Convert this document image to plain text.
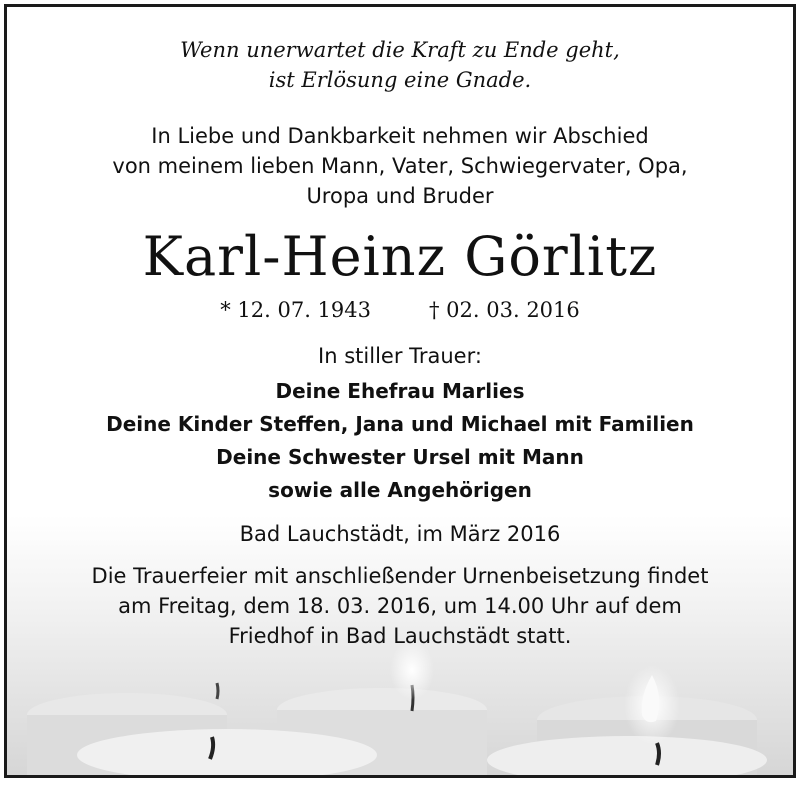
Wenn unerwartet die Kraft zu Ende geht,
ist Erlösung eine Gnade.
In Liebe und Dankbarkeit nehmen wir Abschied
von meinem lieben Mann, Vater, Schwiegervater, Opa,
Uropa und Bruder
Karl-Heinz Görlitz
* 12. 07. 1943	† 02. 03. 2016
In stiller Trauer:
Deine Ehefrau Marlies
Deine Kinder Steffen, Jana und Michael mit Familien
Deine Schwester Ursel mit Mann
sowie alle Angehörigen
Bad Lauchstädt, im März 2016
Die Trauerfeier mit anschließender Urnenbeisetzung findet
am Freitag, dem 18. 03. 2016, um 14.00 Uhr auf dem
Friedhof in Bad Lauchstädt statt.
